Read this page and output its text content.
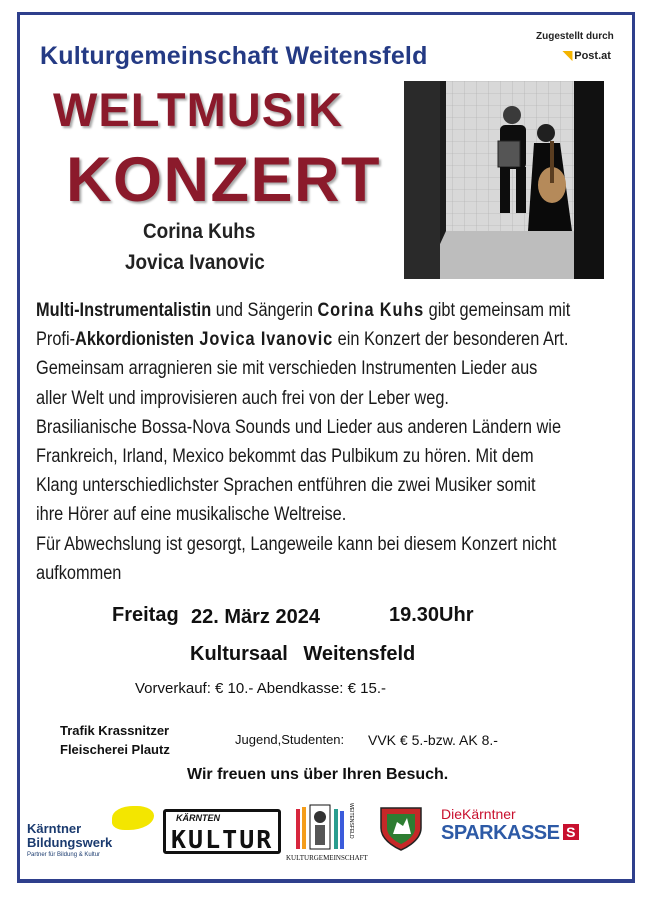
Kulturgemeinschaft Weitensfeld
Zugestellt durch
◥ Post.at
WELTMUSIK
KONZERT
Corina Kuhs
Jovica Ivanovic

Multi-Instrumentalistin und Sängerin Corina Kuhs gibt gemeinsam mit

Profi-Akkordionisten Jovica Ivanovic ein Konzert der besonderen Art.

Gemeinsam arragnieren sie mit verschieden Instrumenten Lieder aus

aller Welt und improvisieren auch frei von der Leber weg.

Brasilianische Bossa-Nova Sounds und Lieder aus anderen Ländern wie

Frankreich, Irland, Mexico bekommt das Pulbikum zu hören. Mit dem

Klang unterschiedlichster Sprachen entführen die zwei Musiker somit

ihre Hörer auf eine musikalische Weltreise.

Für Abwechslung ist gesorgt, Langeweile kann bei diesem Konzert nicht

aufkommen

Freitag 22. März 2024	19.30Uhr
Kultursaal Weitensfeld
Vorverkauf: € 10.- Abendkasse: € 15.-
Trafik Krassnitzer
Fleischerei Plautz
Jugend,Studenten: VVK € 5.-bzw. AK 8.-
Wir freuen uns über Ihren Besuch.
Kärntner
Bildungswerk
Partner für Bildung & Kultur
KÄRNTEN
KULTUR
WEITENSFELD
KULTURGEMEINSCHAFT
DieKärntner
SPARKASSE S
